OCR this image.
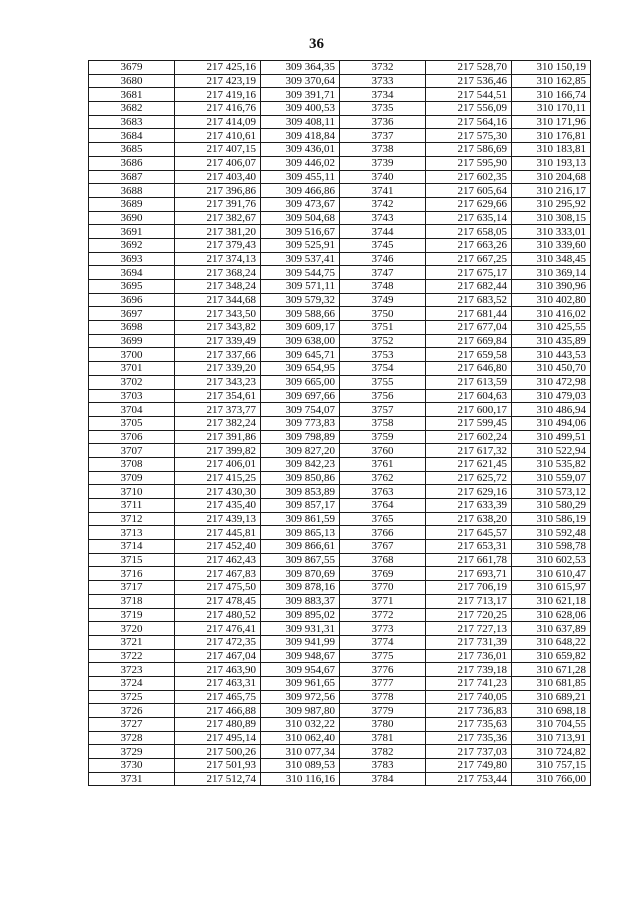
36
3679	217 425,16	309 364,35	3732	217 528,70	310 150,19
3680	217 423,19	309 370,64	3733	217 536,46	310 162,85
3681	217 419,16	309 391,71	3734	217 544,51	310 166,74
3682	217 416,76	309 400,53	3735	217 556,09	310 170,11
3683	217 414,09	309 408,11	3736	217 564,16	310 171,96
3684	217 410,61	309 418,84	3737	217 575,30	310 176,81
3685	217 407,15	309 436,01	3738	217 586,69	310 183,81
3686	217 406,07	309 446,02	3739	217 595,90	310 193,13
3687	217 403,40	309 455,11	3740	217 602,35	310 204,68
3688	217 396,86	309 466,86	3741	217 605,64	310 216,17
3689	217 391,76	309 473,67	3742	217 629,66	310 295,92
3690	217 382,67	309 504,68	3743	217 635,14	310 308,15
3691	217 381,20	309 516,67	3744	217 658,05	310 333,01
3692	217 379,43	309 525,91	3745	217 663,26	310 339,60
3693	217 374,13	309 537,41	3746	217 667,25	310 348,45
3694	217 368,24	309 544,75	3747	217 675,17	310 369,14
3695	217 348,24	309 571,11	3748	217 682,44	310 390,96
3696	217 344,68	309 579,32	3749	217 683,52	310 402,80
3697	217 343,50	309 588,66	3750	217 681,44	310 416,02
3698	217 343,82	309 609,17	3751	217 677,04	310 425,55
3699	217 339,49	309 638,00	3752	217 669,84	310 435,89
3700	217 337,66	309 645,71	3753	217 659,58	310 443,53
3701	217 339,20	309 654,95	3754	217 646,80	310 450,70
3702	217 343,23	309 665,00	3755	217 613,59	310 472,98
3703	217 354,61	309 697,66	3756	217 604,63	310 479,03
3704	217 373,77	309 754,07	3757	217 600,17	310 486,94
3705	217 382,24	309 773,83	3758	217 599,45	310 494,06
3706	217 391,86	309 798,89	3759	217 602,24	310 499,51
3707	217 399,82	309 827,20	3760	217 617,32	310 522,94
3708	217 406,01	309 842,23	3761	217 621,45	310 535,82
3709	217 415,25	309 850,86	3762	217 625,72	310 559,07
3710	217 430,30	309 853,89	3763	217 629,16	310 573,12
3711	217 435,40	309 857,17	3764	217 633,39	310 580,29
3712	217 439,13	309 861,59	3765	217 638,20	310 586,19
3713	217 445,81	309 865,13	3766	217 645,57	310 592,48
3714	217 452,40	309 866,61	3767	217 653,31	310 598,78
3715	217 462,43	309 867,55	3768	217 661,78	310 602,53
3716	217 467,83	309 870,69	3769	217 693,71	310 610,47
3717	217 475,50	309 878,16	3770	217 706,19	310 615,97
3718	217 478,45	309 883,37	3771	217 713,17	310 621,18
3719	217 480,52	309 895,02	3772	217 720,25	310 628,06
3720	217 476,41	309 931,31	3773	217 727,13	310 637,89
3721	217 472,35	309 941,99	3774	217 731,39	310 648,22
3722	217 467,04	309 948,67	3775	217 736,01	310 659,82
3723	217 463,90	309 954,67	3776	217 739,18	310 671,28
3724	217 463,31	309 961,65	3777	217 741,23	310 681,85
3725	217 465,75	309 972,56	3778	217 740,05	310 689,21
3726	217 466,88	309 987,80	3779	217 736,83	310 698,18
3727	217 480,89	310 032,22	3780	217 735,63	310 704,55
3728	217 495,14	310 062,40	3781	217 735,36	310 713,91
3729	217 500,26	310 077,34	3782	217 737,03	310 724,82
3730	217 501,93	310 089,53	3783	217 749,80	310 757,15
3731	217 512,74	310 116,16	3784	217 753,44	310 766,00
